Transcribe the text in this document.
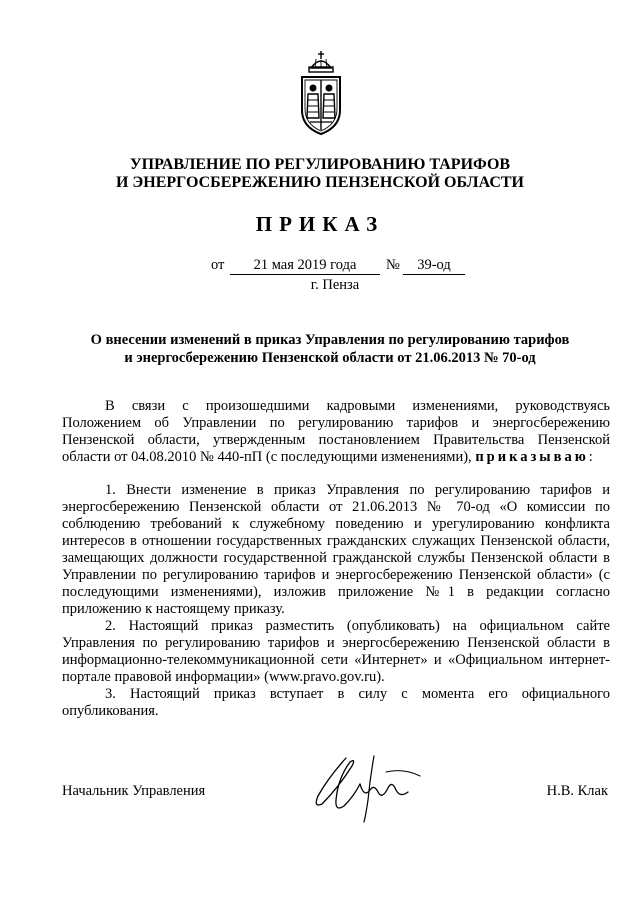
УПРАВЛЕНИЕ ПО РЕГУЛИРОВАНИЮ ТАРИФОВ
И ЭНЕРГОСБЕРЕЖЕНИЮ ПЕНЗЕНСКОЙ ОБЛАСТИ
ПРИКАЗ
от	21 мая 2019 года	№	39-од
г. Пенза
О внесении изменений в приказ Управления по регулированию тарифов
и энергосбережению Пензенской области от 21.06.2013 № 70-од

В связи с произошедшими кадровыми изменениями, руководствуясь Положением об Управлении по регулированию тарифов и энергосбережению Пензенской области, утвержденным постановлением Правительства Пензенской области от 04.08.2010 № 440-пП (с последующими изменениями), приказываю:

1. Внести изменение в приказ Управления по регулированию тарифов и энергосбережению Пензенской области от 21.06.2013 № 70-од «О комиссии по соблюдению требований к служебному поведению и урегулированию конфликта интересов в отношении государственных гражданских служащих Пензенской области, замещающих должности государственной гражданской службы Пензенской области в Управлении по регулированию тарифов и энергосбережению Пензенской области» (с последующими изменениями), изложив приложение №1 в редакции согласно приложению к настоящему приказу.

2. Настоящий приказ разместить (опубликовать) на официальном сайте Управления по регулированию тарифов и энергосбережению Пензенской области в информационно-телекоммуникационной сети «Интернет» и «Официальном интернет-портале правовой информации» (www.pravo.gov.ru).

3. Настоящий приказ вступает в силу с момента его официального опубликования.

Начальник Управления	Н.В. Клак
